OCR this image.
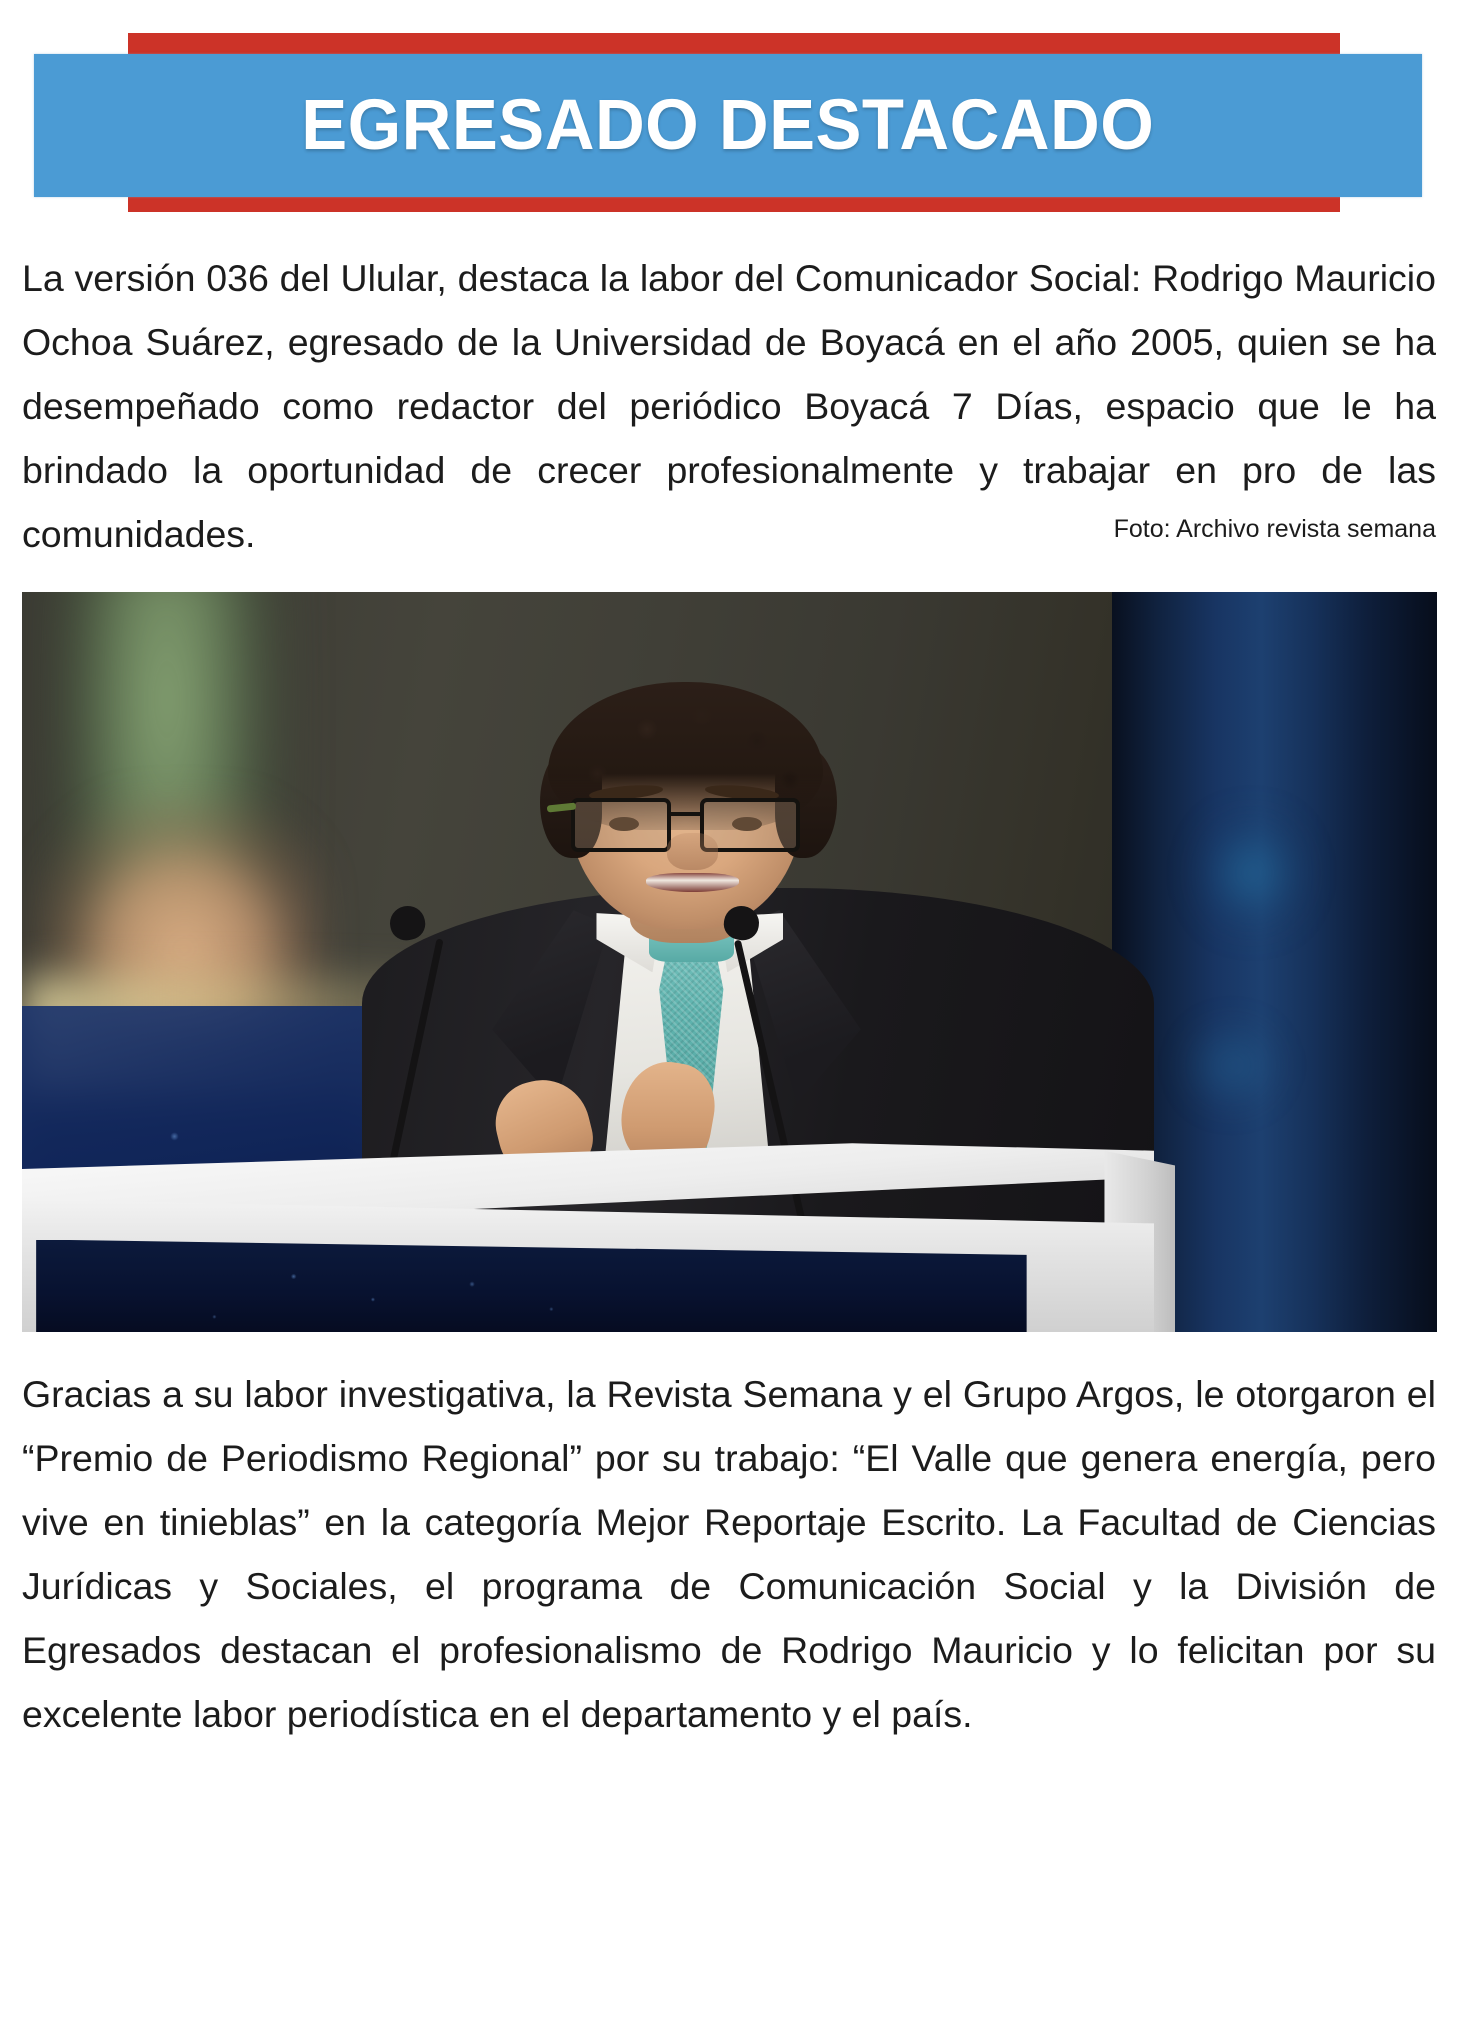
EGRESADO DESTACADO

La versión 036 del Ulular, destaca la labor del Comunicador Social: Rodrigo Mauricio Ochoa Suárez, egresado de la Universidad de Boyacá en el año 2005, quien se ha desempeñado como redactor del periódico Boyacá 7 Días, espacio que le ha brindado la oportunidad de crecer profesionalmente y trabajar en pro de las comunidades.	Foto: Archivo revista semana

Gracias a su labor investigativa, la Revista Semana y el Grupo Argos, le otorgaron el “Premio de Periodismo Regional” por su trabajo: “El Valle que genera energía, pero vive en tinieblas” en la categoría Mejor Reportaje Escrito. La Facultad de Ciencias Jurídicas y Sociales, el programa de Comunicación Social y la División de Egresados destacan el profesionalismo de Rodrigo Mauricio y lo felicitan por su excelente labor periodística en el departamento y el país.
